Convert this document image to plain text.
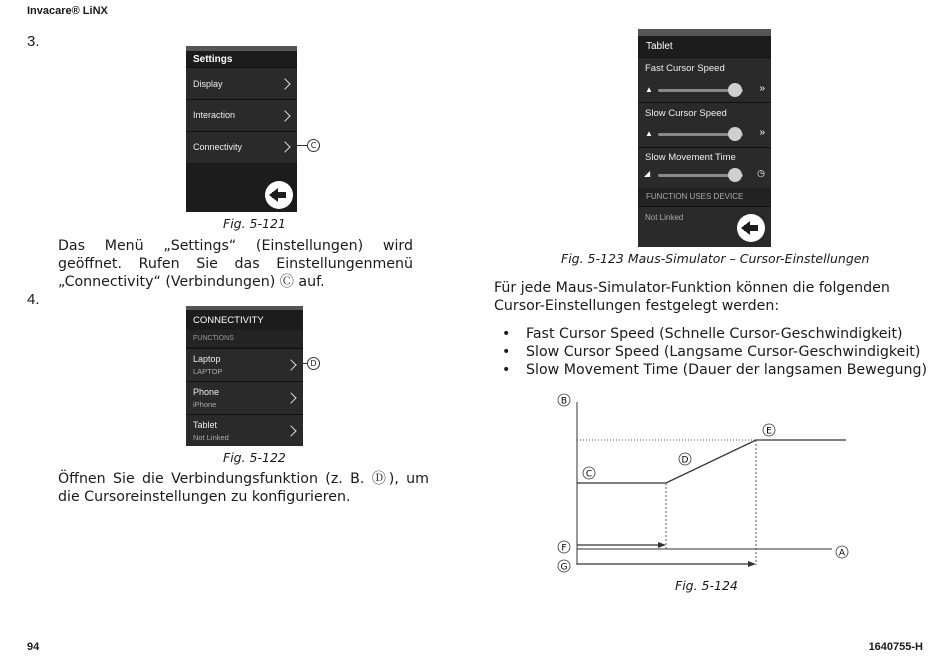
Invacare® LiNX
94	1640755-H
3.
4.
Settings
Display
Interaction
Connectivity	C
Fig. 5-121
Das Menü „Settings“ (Einstellungen) wird geöffnet. Rufen Sie das Einstellungenmenü „Connectivity“ (Verbindungen) Ⓒ auf.
CONNECTIVITY
FUNCTIONS
Laptop
LAPTOP
Phone
iPhone
Tablet
Not Linked
D
Fig. 5-122
Öffnen Sie die Verbindungsfunktion (z. B. Ⓓ), um die Cursoreinstellungen zu konfigurieren.
Tablet
Fast Cursor Speed
▲	»
Slow Cursor Speed
▲	»
Slow Movement Time
◢	◷
FUNCTION USES DEVICE
Not Linked
Fig. 5-123 Maus-Simulator – Cursor-Einstellungen
Für jede Maus-Simulator-Funktion können die folgenden Cursor-Einstellungen festgelegt werden:
• Fast Cursor Speed (Schnelle Cursor-Geschwindigkeit)
• Slow Cursor Speed (Langsame Cursor-Geschwindigkeit)
• Slow Movement Time (Dauer der langsamen Bewegung)
B
C
D
E
F
G
A
Fig. 5-124
